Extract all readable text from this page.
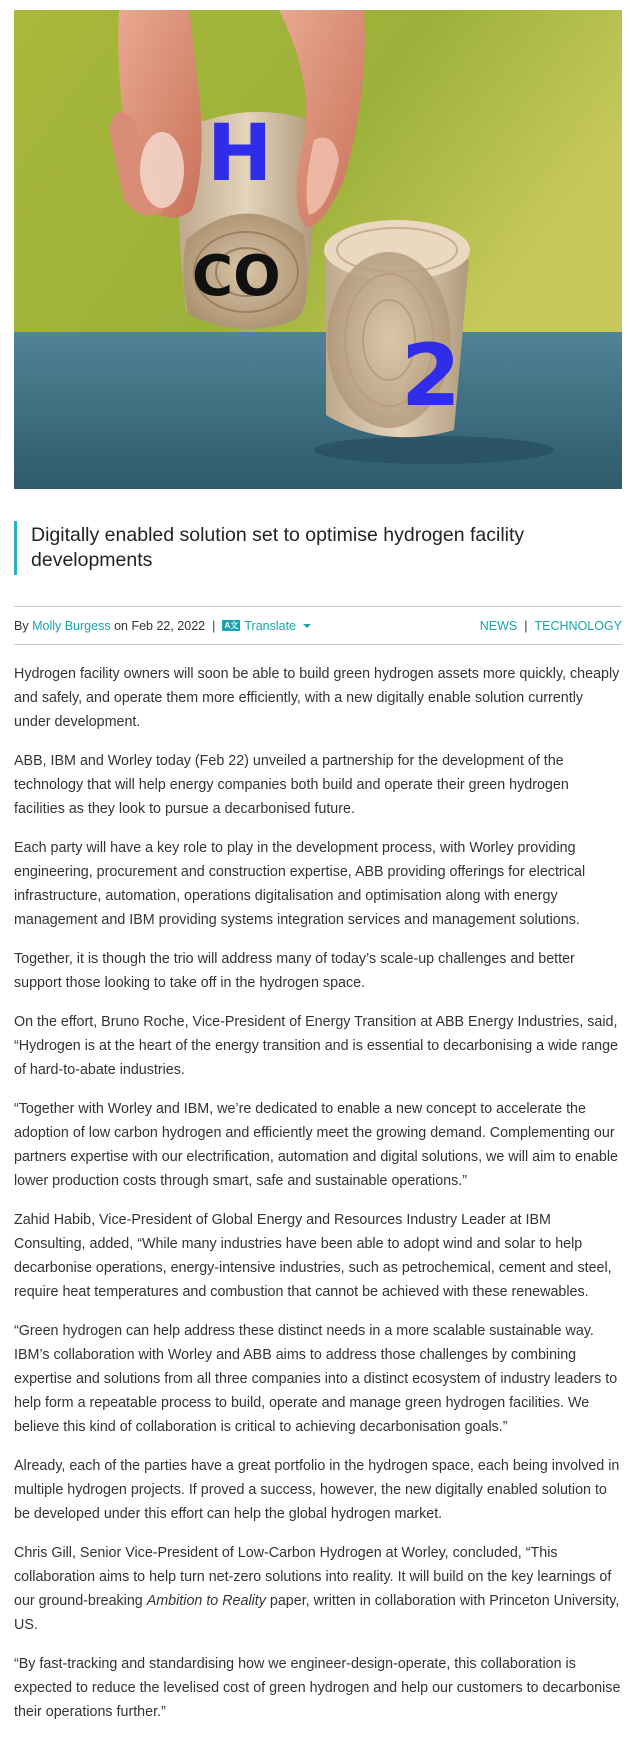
2
H
CO
Digitally enabled solution set to optimise hydrogen facility developments
By
Molly Burgess
on Feb 22, 2022 | A文 Translate	NEWS | TECHNOLOGY

Hydrogen facility owners will soon be able to build green hydrogen assets more quickly, cheaply and safely, and operate them more efficiently, with a new digitally enable solution currently under development.

ABB, IBM and Worley today (Feb 22) unveiled a partnership for the development of the technology that will help energy companies both build and operate their green hydrogen facilities as they look to pursue a decarbonised future.

Each party will have a key role to play in the development process, with Worley providing engineering, procurement and construction expertise, ABB providing offerings for electrical infrastructure, automation, operations digitalisation and optimisation along with energy management and IBM providing systems integration services and management solutions.

Together, it is though the trio will address many of today’s scale-up challenges and better support those looking to take off in the hydrogen space.

On the effort, Bruno Roche, Vice-President of Energy Transition at ABB Energy Industries, said, “Hydrogen is at the heart of the energy transition and is essential to decarbonising a wide range of hard-to-abate industries.

“Together with Worley and IBM, we’re dedicated to enable a new concept to accelerate the adoption of low carbon hydrogen and efficiently meet the growing demand. Complementing our partners expertise with our electrification, automation and digital solutions, we will aim to enable lower production costs through smart, safe and sustainable operations.”

Zahid Habib, Vice-President of Global Energy and Resources Industry Leader at IBM Consulting, added, “While many industries have been able to adopt wind and solar to help decarbonise operations, energy-intensive industries, such as petrochemical, cement and steel, require heat temperatures and combustion that cannot be achieved with these renewables.

“Green hydrogen can help address these distinct needs in a more scalable sustainable way. IBM’s collaboration with Worley and ABB aims to address those challenges by combining expertise and solutions from all three companies into a distinct ecosystem of industry leaders to help form a repeatable process to build, operate and manage green hydrogen facilities. We believe this kind of collaboration is critical to achieving decarbonisation goals.”

Already, each of the parties have a great portfolio in the hydrogen space, each being involved in multiple hydrogen projects. If proved a success, however, the new digitally enabled solution to be developed under this effort can help the global hydrogen market.

Chris Gill, Senior Vice-President of Low-Carbon Hydrogen at Worley, concluded, “This collaboration aims to help turn net-zero solutions into reality. It will build on the key learnings of our ground-breaking Ambition to Reality paper, written in collaboration with Princeton University, US.

“By fast-tracking and standardising how we engineer-design-operate, this collaboration is expected to reduce the levelised cost of green hydrogen and help our customers to decarbonise their operations further.”
